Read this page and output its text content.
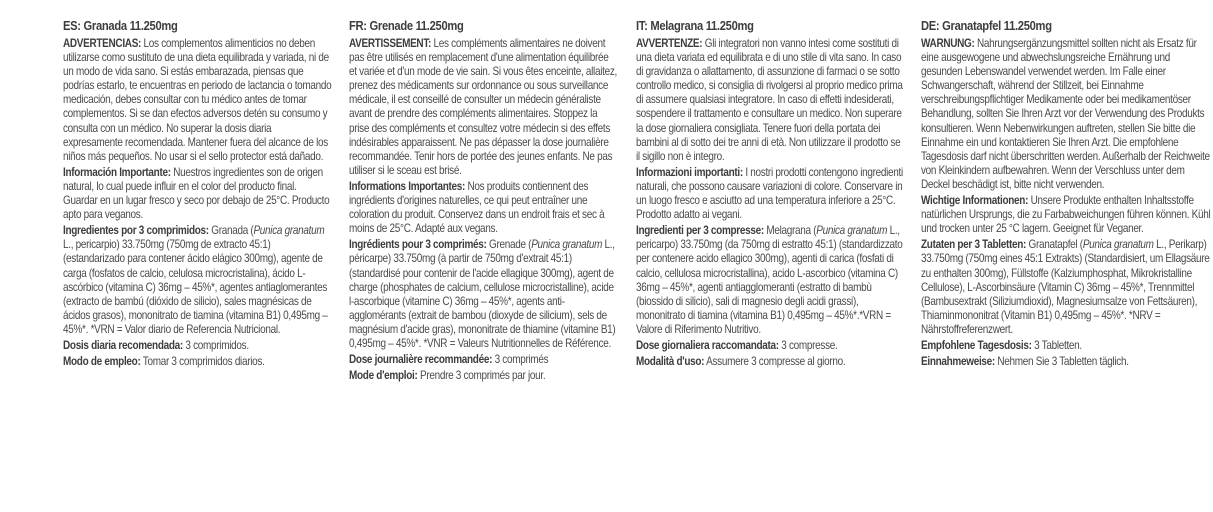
ES: Granada 11.250mg

ADVERTENCIAS: Los complementos alimenticios no deben utilizarse como sustituto de una dieta equilibrada y variada, ni de un modo de vida sano. Si estás embarazada, piensas que podrías estarlo, te encuentras en periodo de lactancia o tomando medicación, debes consultar con tu médico antes de tomar complementos. Si se dan efectos adversos detén su consumo y consulta con un médico. No superar la dosis diaria expresamente recomendada. Mantener fuera del alcance de los niños más pequeños. No usar si el sello protector está dañado.

Información Importante: Nuestros ingredientes son de origen natural, lo cual puede influir en el color del producto final. Guardar en un lugar fresco y seco por debajo de 25°C. Producto apto para veganos.

Ingredientes por 3 comprimidos: Granada (Punica granatum L., pericarpio) 33.750mg (750mg de extracto 45:1) (estandarizado para contener ácido elágico 300mg), agente de carga (fosfatos de calcio, celulosa microcristalina), ácido L-ascórbico (vitamina C) 36mg – 45%*, agentes antiaglomerantes (extracto de bambú (dióxido de silicio), sales magnésicas de ácidos grasos), mononitrato de tiamina (vitamina B1) 0,495mg – 45%*. *VRN = Valor diario de Referencia Nutricional.

Dosis diaria recomendada: 3 comprimidos.

Modo de empleo: Tomar 3 comprimidos diarios.

FR: Grenade 11.250mg

AVERTISSEMENT: Les compléments alimentaires ne doivent pas être utilisés en remplacement d'une alimentation équilibrée et variée et d'un mode de vie sain. Si vous êtes enceinte, allaitez, prenez des médicaments sur ordonnance ou sous surveillance médicale, il est conseillé de consulter un médecin généraliste avant de prendre des compléments alimentaires. Stoppez la prise des compléments et consultez votre médecin si des effets indésirables apparaissent. Ne pas dépasser la dose journalière recommandée. Tenir hors de portée des jeunes enfants. Ne pas utiliser si le sceau est brisé.

Informations Importantes: Nos produits contiennent des ingrédients d'origines naturelles, ce qui peut entraîner une coloration du produit. Conservez dans un endroit frais et sec à moins de 25°C. Adapté aux vegans.

Ingrédients pour 3 comprimés: Grenade (Punica granatum L., péricarpe) 33.750mg (à partir de 750mg d'extrait 45:1) (standardisé pour contenir de l'acide ellagique 300mg), agent de charge (phosphates de calcium, cellulose microcristalline), acide l-ascorbique (vitamine C) 36mg – 45%*, agents anti-agglomérants (extrait de bambou (dioxyde de silicium), sels de magnésium d'acide gras), mononitrate de thiamine (vitamine B1) 0,495mg – 45%*. *VNR = Valeurs Nutritionnelles de Référence.

Dose journalière recommandée: 3 comprimés

Mode d'emploi: Prendre 3 comprimés par jour.

IT: Melagrana 11.250mg

AVVERTENZE: Gli integratori non vanno intesi come sostituti di una dieta variata ed equilibrata e di uno stile di vita sano. In caso di gravidanza o allattamento, di assunzione di farmaci o se sotto controllo medico, si consiglia di rivolgersi al proprio medico prima di assumere qualsiasi integratore. In caso di effetti indesiderati, sospendere il trattamento e consultare un medico. Non superare la dose giornaliera consigliata. Tenere fuori della portata dei bambini al di sotto dei tre anni di età. Non utilizzare il prodotto se il sigillo non è integro.

Informazioni importanti: I nostri prodotti contengono ingredienti naturali, che possono causare variazioni di colore. Conservare in un luogo fresco e asciutto ad una temperatura inferiore a 25°C. Prodotto adatto ai vegani.

Ingredienti per 3 compresse: Melagrana (Punica granatum L., pericarpo) 33.750mg (da 750mg di estratto 45:1) (standardizzato per contenere acido ellagico 300mg), agenti di carica (fosfati di calcio, cellulosa microcristallina), acido L-ascorbico (vitamina C) 36mg – 45%*, agenti antiagglomeranti (estratto di bambù (biossido di silicio), sali di magnesio degli acidi grassi), mononitrato di tiamina (vitamina B1) 0,495mg – 45%*.*VRN = Valore di Riferimento Nutritivo.

Dose giornaliera raccomandata: 3 compresse.

Modalità d'uso: Assumere 3 compresse al giorno.

DE: Granatapfel 11.250mg

WARNUNG: Nahrungsergänzungsmittel sollten nicht als Ersatz für eine ausgewogene und abwechslungsreiche Ernährung und gesunden Lebenswandel verwendet werden. Im Falle einer Schwangerschaft, während der Stillzeit, bei Einnahme verschreibungspflichtiger Medikamente oder bei medikamentöser Behandlung, sollten Sie Ihren Arzt vor der Verwendung des Produkts konsultieren. Wenn Nebenwirkungen auftreten, stellen Sie bitte die Einnahme ein und kontaktieren Sie Ihren Arzt. Die empfohlene Tagesdosis darf nicht überschritten werden. Außerhalb der Reichweite von Kleinkindern aufbewahren. Wenn der Verschluss unter dem Deckel beschädigt ist, bitte nicht verwenden.

Wichtige Informationen: Unsere Produkte enthalten Inhaltsstoffe natürlichen Ursprungs, die zu Farbabweichungen führen können. Kühl und trocken unter 25 °C lagern. Geeignet für Veganer.

Zutaten per 3 Tabletten: Granatapfel (Punica granatum L., Perikarp) 33.750mg (750mg eines 45:1 Extrakts) (Standardisiert, um Ellagsäure zu enthalten 300mg), Füllstoffe (Kalziumphosphat, Mikrokristalline Cellulose), L-Ascorbinsäure (Vitamin C) 36mg – 45%*, Trennmittel (Bambusextrakt (Siliziumdioxid), Magnesiumsalze von Fettsäuren), Thiaminmononitrat (Vitamin B1) 0,495mg – 45%*. *NRV = Nährstoffreferenzwert.

Empfohlene Tagesdosis: 3 Tabletten.

Einnahmeweise: Nehmen Sie 3 Tabletten täglich.
